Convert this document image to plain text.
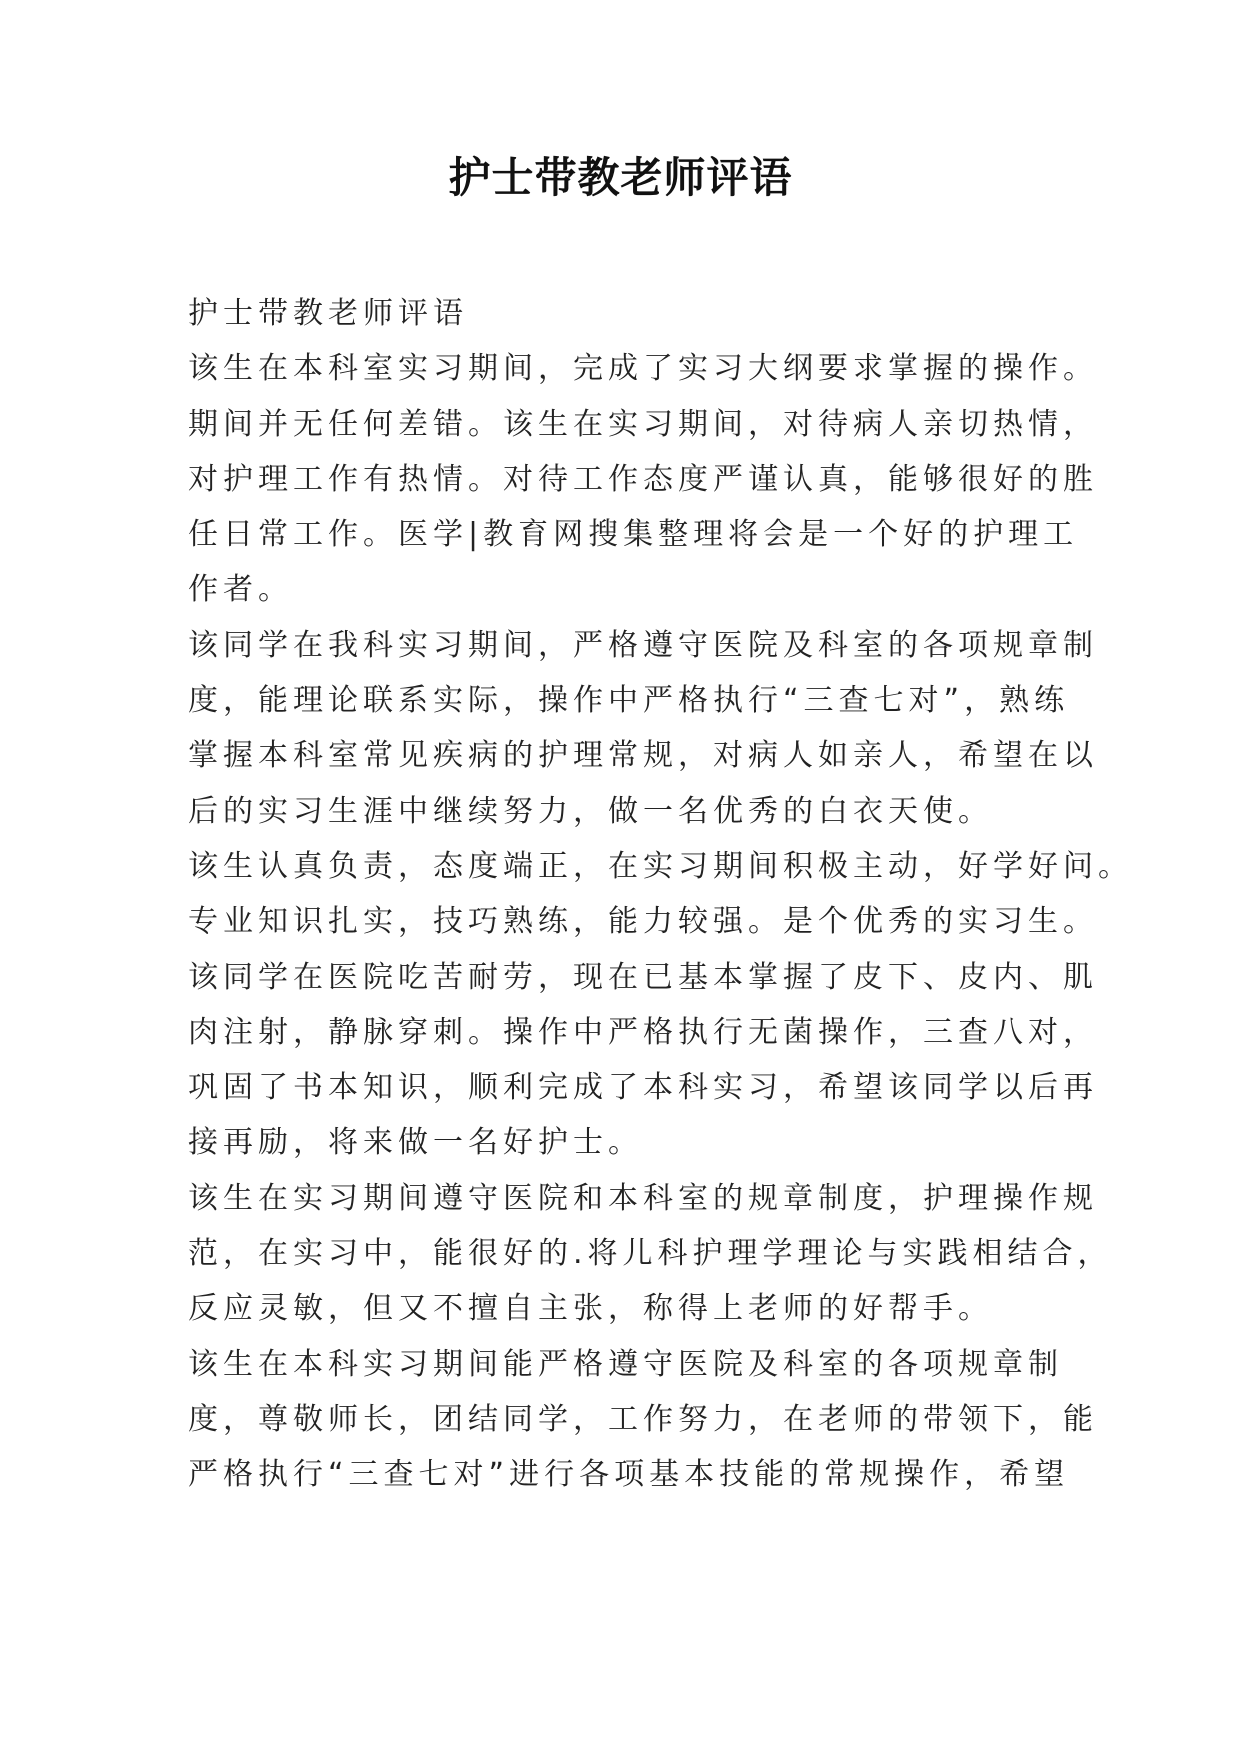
护士带教老师评语
护士带教老师评语
该生在本科室实习期间，完成了实习大纲要求掌握的操作。
期间并无任何差错。该生在实习期间，对待病人亲切热情，
对护理工作有热情。对待工作态度严谨认真，能够很好的胜
任日常工作。医学|教育网搜集整理将会是一个好的护理工
作者。
该同学在我科实习期间，严格遵守医院及科室的各项规章制
度，能理论联系实际，操作中严格执行“三查七对”，熟练
掌握本科室常见疾病的护理常规，对病人如亲人，希望在以
后的实习生涯中继续努力，做一名优秀的白衣天使。
该生认真负责，态度端正，在实习期间积极主动，好学好问。
专业知识扎实，技巧熟练，能力较强。是个优秀的实习生。
该同学在医院吃苦耐劳，现在已基本掌握了皮下、皮内、肌
肉注射，静脉穿刺。操作中严格执行无菌操作，三查八对，
巩固了书本知识，顺利完成了本科实习，希望该同学以后再
接再励，将来做一名好护士。
该生在实习期间遵守医院和本科室的规章制度，护理操作规
范，在实习中，能很好的.将儿科护理学理论与实践相结合，
反应灵敏，但又不擅自主张，称得上老师的好帮手。
该生在本科实习期间能严格遵守医院及科室的各项规章制
度，尊敬师长，团结同学，工作努力，在老师的带领下，能
严格执行“三查七对”进行各项基本技能的常规操作，希望
